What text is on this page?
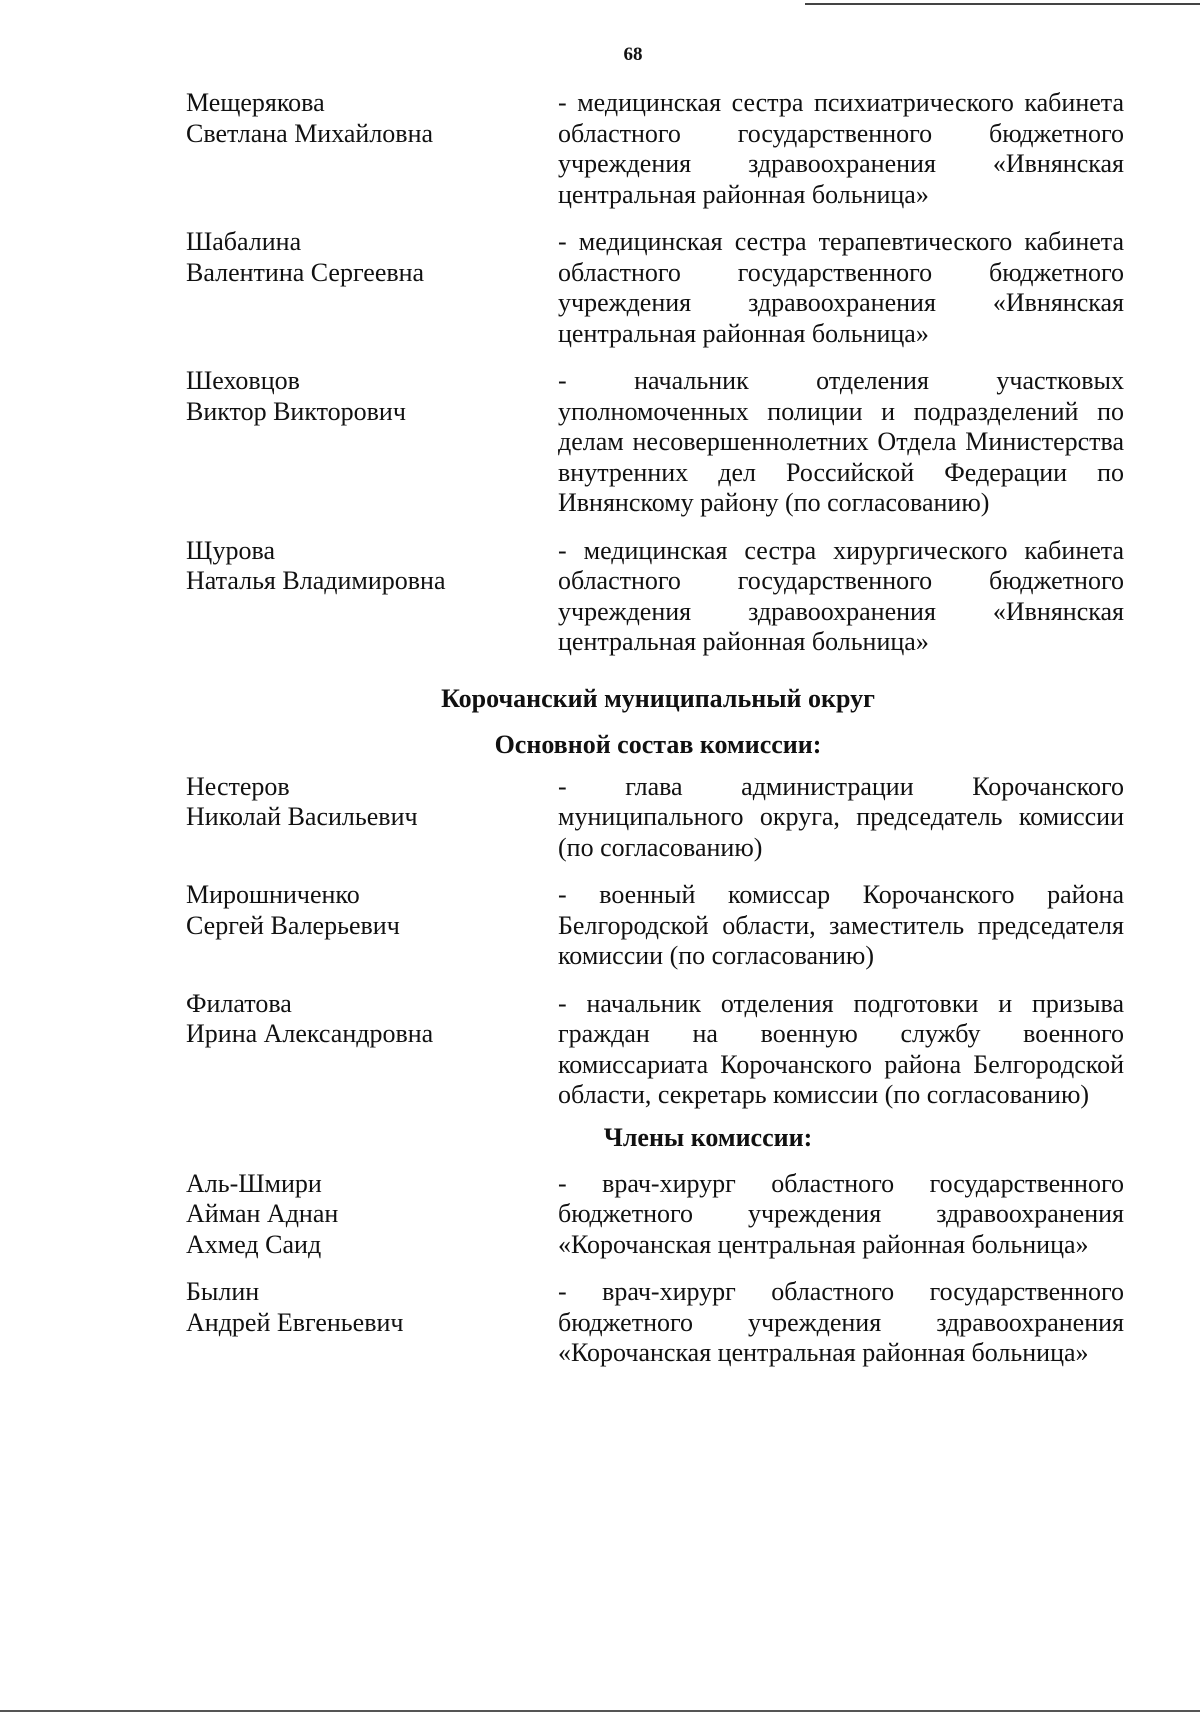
68
Мещерякова
Светлана Михайловна
- медицинская сестра психиатрического кабинета областного государственного бюджетного учреждения здравоохранения «Ивнянская центральная районная больница»
Шабалина
Валентина Сергеевна
- медицинская сестра терапевтического кабинета областного государственного бюджетного учреждения здравоохранения «Ивнянская центральная районная больница»
Шеховцов
Виктор Викторович
- начальник отделения участковых уполномоченных полиции и подразделений по делам несовершеннолетних Отдела Министерства внутренних дел Российской Федерации по Ивнянскому району (по согласованию)
Щурова
Наталья Владимировна
- медицинская сестра хирургического кабинета областного государственного бюджетного учреждения здравоохранения «Ивнянская центральная районная больница»
Корочанский муниципальный округ
Основной состав комиссии:
Нестеров
Николай Васильевич
- глава администрации Корочанского муниципального округа, председатель комиссии (по согласованию)
Мирошниченко
Сергей Валерьевич
- военный комиссар Корочанского района Белгородской области, заместитель председателя комиссии (по согласованию)
Филатова
Ирина Александровна
- начальник отделения подготовки и призыва граждан на военную службу военного комиссариата Корочанского района Белгородской области, секретарь комиссии (по согласованию)
Члены комиссии:
Аль-Шмири
Айман Аднан
Ахмед Саид
- врач-хирург областного государственного бюджетного учреждения здравоохранения «Корочанская центральная районная больница»
Былин
Андрей Евгеньевич
- врач-хирург областного государственного бюджетного учреждения здравоохранения «Корочанская центральная районная больница»
